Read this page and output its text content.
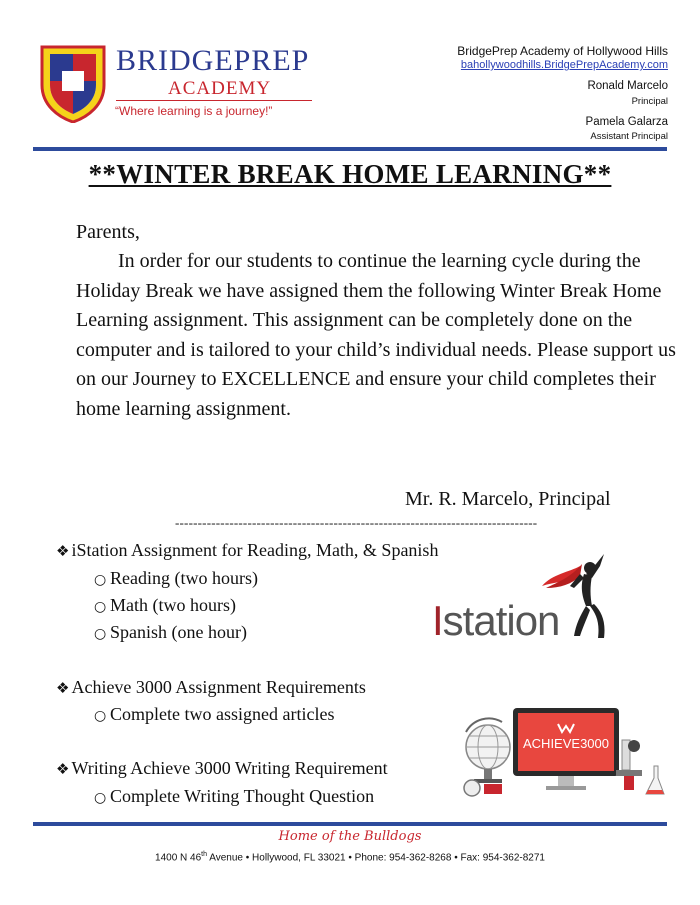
BRIDGEPREP
ACADEMY
“Where learning is a journey!”
BridgePrep Academy of Hollywood Hills
bahollywoodhills.BridgePrepAcademy.com
Ronald Marcelo
Principal
Pamela Galarza
Assistant Principal
**WINTER BREAK HOME LEARNING**
Parents,
In order for our students to continue the learning cycle during the Holiday Break we have assigned them the following Winter Break Home Learning assignment. This assignment can be completely done on the computer and is tailored to your child’s individual needs. Please support us on our Journey to EXCELLENCE and ensure your child completes their home learning assignment.
Mr. R. Marcelo, Principal
--------------------------------------------------------------------------------
❖ iStation Assignment for Reading, Math, & Spanish
○ Reading (two hours)
○ Math (two hours)
○ Spanish (one hour)
❖ Achieve 3000 Assignment Requirements
○ Complete two assigned articles
❖ Writing Achieve 3000 Writing Requirement
○ Complete Writing Thought Question
Istation
ACHIEVE3000
Home of the Bulldogs
1400 N 46th Avenue • Hollywood, FL 33021 • Phone: 954-362-8268 • Fax: 954-362-8271
